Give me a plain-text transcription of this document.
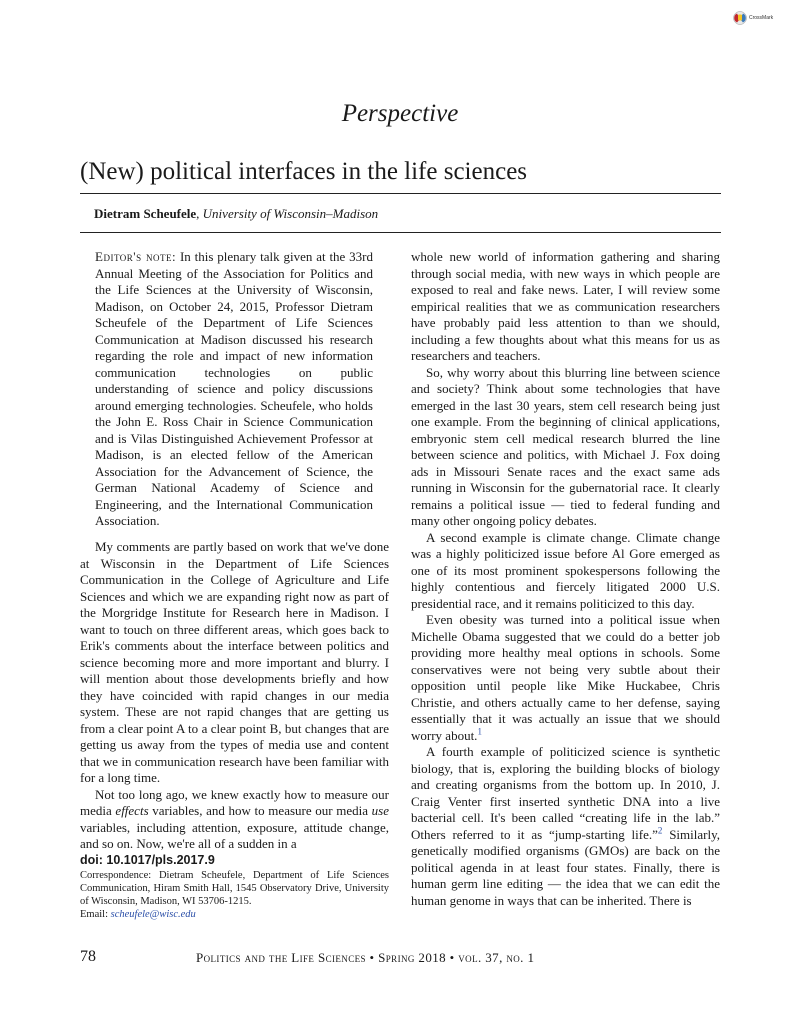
CrossMark
Perspective
(New) political interfaces in the life sciences
Dietram Scheufele, University of Wisconsin–Madison

Editor's note: In this plenary talk given at the 33rd Annual Meeting of the Association for Politics and the Life Sciences at the University of Wisconsin, Madison, on October 24, 2015, Professor Dietram Scheufele of the Department of Life Sciences Communication at Madison discussed his research regarding the role and impact of new information communication technologies on public understanding of science and policy discussions around emerging technologies. Scheufele, who holds the John E. Ross Chair in Science Communication and is Vilas Distinguished Achievement Professor at Madison, is an elected fellow of the American Association for the Advancement of Science, the German National Academy of Science and Engineering, and the International Communication Association.

My comments are partly based on work that we've done at Wisconsin in the Department of Life Sciences Communication in the College of Agriculture and Life Sciences and which we are expanding right now as part of the Morgridge Institute for Research here in Madison. I want to touch on three different areas, which goes back to Erik's comments about the interface between politics and science becoming more and more important and blurry. I will mention about those developments briefly and how they have coincided with rapid changes in our media system. These are not rapid changes that are getting us from a clear point A to a clear point B, but changes that are getting us away from the types of media use and content that we in communication research have been familiar with for a long time.

Not too long ago, we knew exactly how to measure our media effects variables, and how to measure our media use variables, including attention, exposure, attitude change, and so on. Now, we're all of a sudden in a

doi: 10.1017/pls.2017.9
Correspondence: Dietram Scheufele, Department of Life Sciences Communication, Hiram Smith Hall, 1545 Observatory Drive, University of Wisconsin, Madison, WI 53706-1215.
Email: scheufele@wisc.edu

whole new world of information gathering and sharing through social media, with new ways in which people are exposed to real and fake news. Later, I will review some empirical realities that we as communication researchers have probably paid less attention to than we should, including a few thoughts about what this means for us as researchers and teachers.

So, why worry about this blurring line between science and society? Think about some technologies that have emerged in the last 30 years, stem cell research being just one example. From the beginning of clinical applications, embryonic stem cell medical research blurred the line between science and politics, with Michael J. Fox doing ads in Missouri Senate races and the exact same ads running in Wisconsin for the gubernatorial race. It clearly remains a political issue — tied to federal funding and many other ongoing policy debates.

A second example is climate change. Climate change was a highly politicized issue before Al Gore emerged as one of its most prominent spokespersons following the highly contentious and fiercely litigated 2000 U.S. presidential race, and it remains politicized to this day.

Even obesity was turned into a political issue when Michelle Obama suggested that we could do a better job providing more healthy meal options in schools. Some conservatives were not being very subtle about their opposition until people like Mike Huckabee, Chris Christie, and others actually came to her defense, saying essentially that it was actually an issue that we should worry about.$^1$

A fourth example of politicized science is synthetic biology, that is, exploring the building blocks of biology and creating organisms from the bottom up. In 2010, J. Craig Venter first inserted synthetic DNA into a live bacterial cell. It's been called “creating life in the lab.” Others referred to it as “jump-starting life.”$^2$ Similarly, genetically modified organisms (GMOs) are back on the political agenda in at least four states. Finally, there is human germ line editing — the idea that we can edit the human genome in ways that can be inherited. There is

78	Politics and the Life Sciences • Spring 2018 • vol. 37, no. 1
